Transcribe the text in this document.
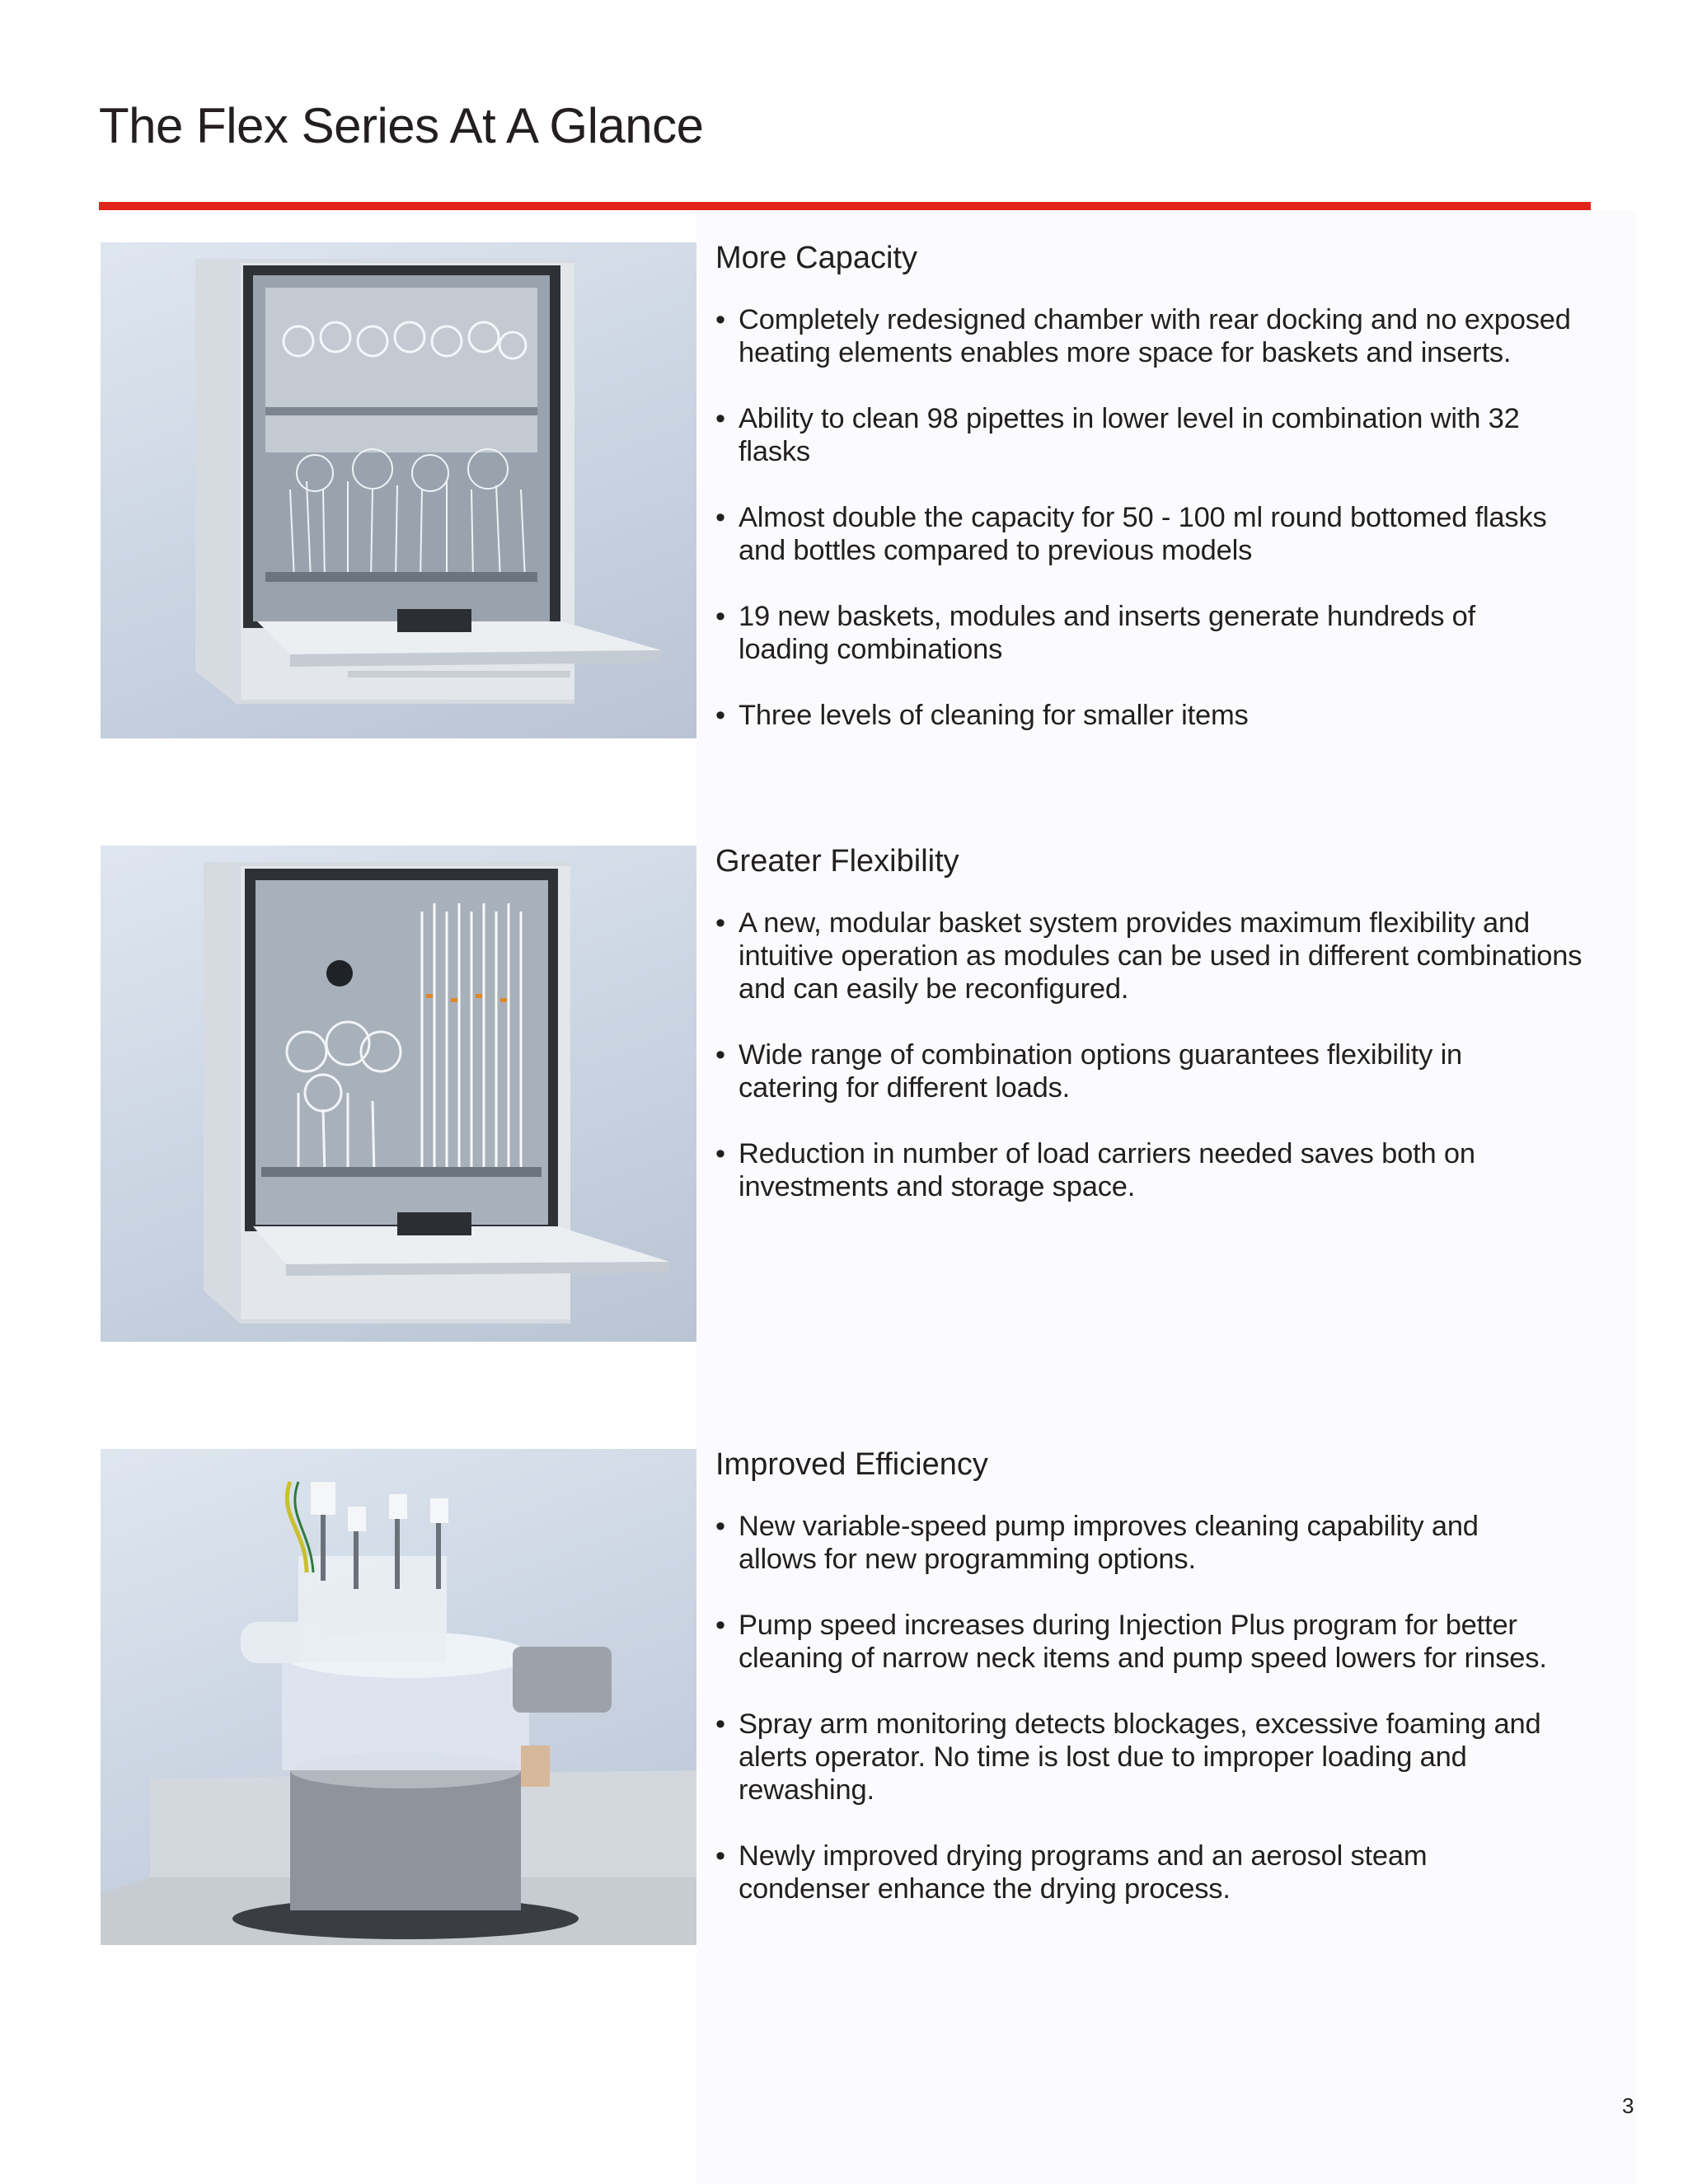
The Flex Series At A Glance
More Capacity
• Completely redesigned chamber with rear docking and no exposed heating elements enables more space for baskets and inserts.
• Ability to clean 98 pipettes in lower level in combination with 32 flasks
• Almost double the capacity for 50 - 100 ml round bottomed flasks and bottles compared to previous models
• 19 new baskets, modules and inserts generate hundreds of loading combinations
• Three levels of cleaning for smaller items
Greater Flexibility
• A new, modular basket system provides maximum flexibility and intuitive operation as modules can be used in different combinations and can easily be reconfigured.
• Wide range of combination options guarantees flexibility in catering for different loads.
• Reduction in number of load carriers needed saves both on investments and storage space.
Improved Efficiency
• New variable-speed pump improves cleaning capability and allows for new programming options.
• Pump speed increases during Injection Plus program for better cleaning of narrow neck items and pump speed lowers for rinses.
• Spray arm monitoring detects blockages, excessive foaming and alerts operator. No time is lost due to improper loading and rewashing.
• Newly improved drying programs and an aerosol steam condenser enhance the drying process.
3
